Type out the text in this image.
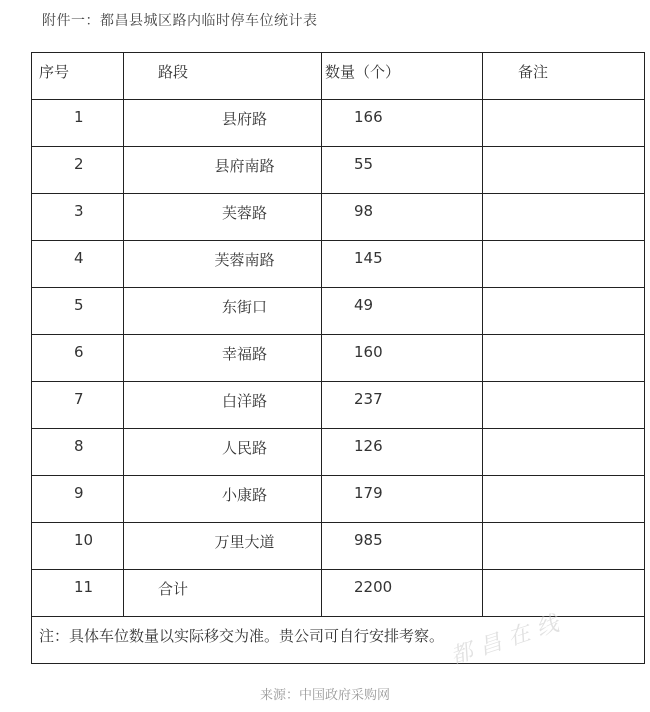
附件一：都昌县城区路内临时停车位统计表
序号	路段	数量（个）	备注

1	县府路	166	

2	县府南路	55	

3	芙蓉路	98	

4	芙蓉南路	145	

5	东街口	49	

6	幸福路	160	

7	白洋路	237	

8	人民路	126	

9	小康路	179	

10	万里大道	985	

11	合计	2200	

注：具体车位数量以实际移交为准。贵公司可自行安排考察。			都昌在线
来源：中国政府采购网
